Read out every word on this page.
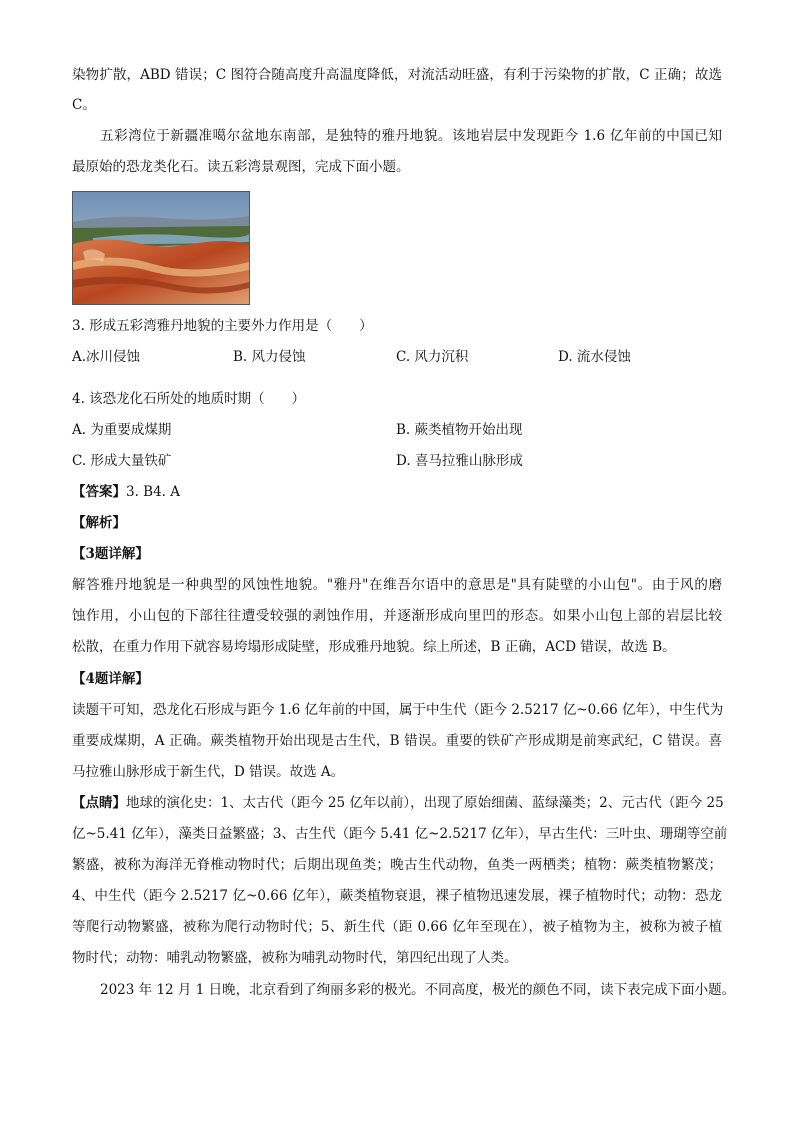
染物扩散，ABD 错误；C 图符合随高度升高温度降低，对流活动旺盛，有利于污染物的扩散，C 正确；故选
C。
五彩湾位于新疆准噶尔盆地东南部，是独特的雅丹地貌。该地岩层中发现距今 1.6 亿年前的中国已知
最原始的恐龙类化石。读五彩湾景观图，完成下面小题。
3. 形成五彩湾雅丹地貌的主要外力作用是（　　）
A.冰川侵蚀	B. 风力侵蚀	C. 风力沉积	D. 流水侵蚀
4. 该恐龙化石所处的地质时期（　　）
A. 为重要成煤期	B. 蕨类植物开始出现
C. 形成大量铁矿	D. 喜马拉雅山脉形成
【答案】3. B4. A
【解析】
【3题详解】
解答雅丹地貌是一种典型的风蚀性地貌。"雅丹"在维吾尔语中的意思是"具有陡壁的小山包"。由于风的磨
蚀作用，小山包的下部往往遭受较强的剥蚀作用，并逐渐形成向里凹的形态。如果小山包上部的岩层比较
松散，在重力作用下就容易垮塌形成陡壁，形成雅丹地貌。综上所述，B 正确，ACD 错误，故选 B。
【4题详解】
读题干可知，恐龙化石形成与距今 1.6 亿年前的中国，属于中生代（距今 2.5217 亿~0.66 亿年），中生代为
重要成煤期，A 正确。蕨类植物开始出现是古生代，B 错误。重要的铁矿产形成期是前寒武纪，C 错误。喜
马拉雅山脉形成于新生代，D 错误。故选 A。
【点睛】地球的演化史：1、太古代（距今 25 亿年以前），出现了原始细菌、蓝绿藻类；2、元古代（距今 25
亿~5.41 亿年），藻类日益繁盛；3、古生代（距今 5.41 亿~2.5217 亿年），早古生代：三叶虫、珊瑚等空前
繁盛，被称为海洋无脊椎动物时代；后期出现鱼类；晚古生代动物，鱼类一两栖类；植物：蕨类植物繁茂；
4、中生代（距今 2.5217 亿~0.66 亿年），蕨类植物衰退，裸子植物迅速发展，裸子植物时代；动物：恐龙
等爬行动物繁盛，被称为爬行动物时代；5、新生代（距 0.66 亿年至现在），被子植物为主，被称为被子植
物时代；动物：哺乳动物繁盛，被称为哺乳动物时代，第四纪出现了人类。
2023 年 12 月 1 日晚，北京看到了绚丽多彩的极光。不同高度，极光的颜色不同，读下表完成下面小题。
